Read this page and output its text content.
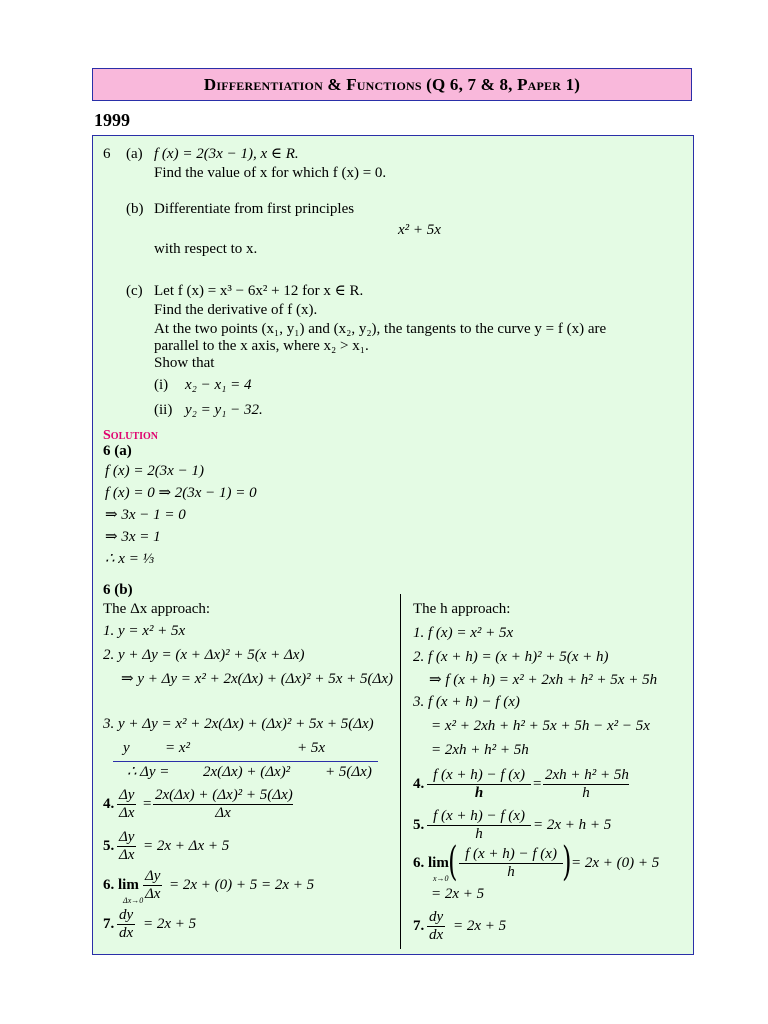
Differentiation & Functions (Q 6, 7 & 8, Paper 1)
1999
6 (a) f (x) = 2(3x − 1), x ∈ R.
Find the value of x for which f (x) = 0.
(b) Differentiate from first principles
x² + 5x
with respect to x.
(c) Let f (x) = x³ − 6x² + 12 for x ∈ R.
Find the derivative of f (x).
At the two points (x₁, y₁) and (x₂, y₂), the tangents to the curve y = f (x) are
parallel to the x axis, where x₂ > x₁.
Show that
(i) x₂ − x₁ = 4
(ii) y₂ = y₁ − 32.
Solution
6 (a)
f (x) = 2(3x − 1)
f (x) = 0 ⇒ 2(3x − 1) = 0
⇒ 3x − 1 = 0
⇒ 3x = 1
∴ x = ⅓
6 (b)
The Δx approach:
1. y = x² + 5x
2. y + Δy = (x + Δx)² + 5(x + Δx)
⇒ y + Δy = x² + 2x(Δx) + (Δx)² + 5x + 5(Δx)
3. y + Δy = x² + 2x(Δx) + (Δx)² + 5x + 5(Δx)
y = x²	+ 5x
∴ Δy = 2x(Δx) + (Δx)² + 5(Δx)
4. $\frac{\Delta y}{\Delta x} = \frac{\text{2x(Δx) + (Δx)² + 5(Δx)}}{\Delta x}$
5. $\frac{\Delta y}{\Delta x} = 2x + \Delta x + 5$
6. lim
$\Delta x\to 0 \frac{\Delta y}{\Delta x} = 2x + (0) + 5 = 2x + 5$
7. $\frac{dy}{dx} = 2x + 5$
The h approach:
1. f (x) = x² + 5x
2. f (x + h) = (x + h)² + 5(x + h)
⇒ f (x + h) = x² + 2xh + h² + 5x + 5h
3. f (x + h) − f (x)
= x² + 2xh + h² + 5x + 5h − x² − 5x
= 2xh + h² + 5h
4. $\frac{f (x + h) - f (x)}{h} = \frac{\text{2xh + h² + 5h}}{h}$
5. $\frac{f (x + h) - f (x)}{h} = 2x + h + 5$
6. lim
x→0 ( $\frac{f (x + h) - f (x)}{h}$ ) = 2x + (0) + 5
= 2x + 5
7. $\frac{dy}{dx} = 2x + 5$
